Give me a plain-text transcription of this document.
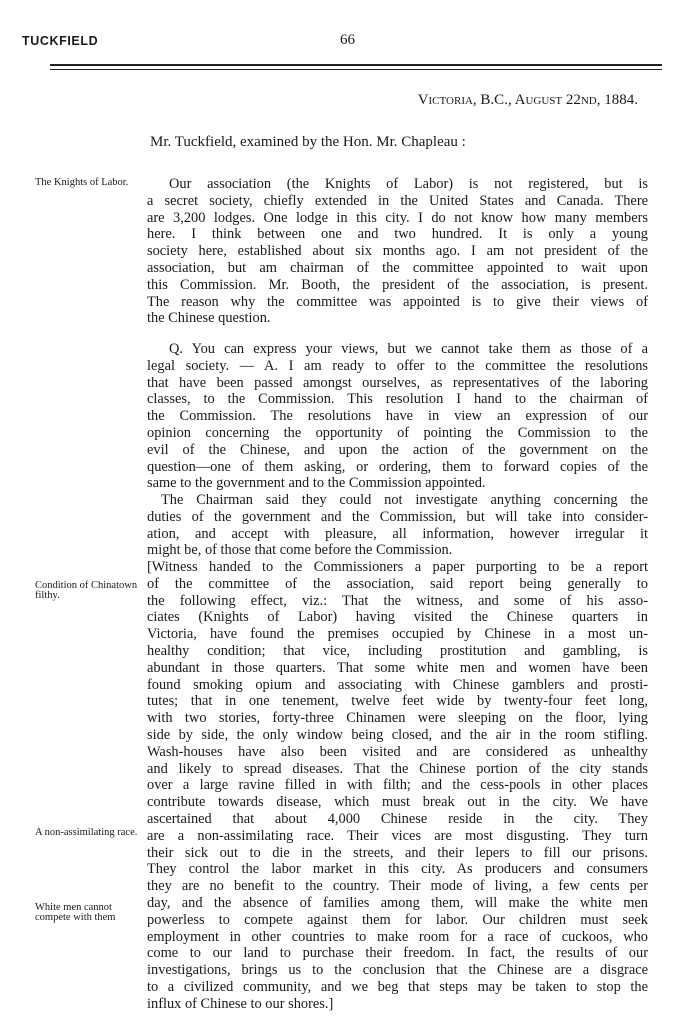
TUCKFIELD	66
Victoria, B.C., August 22nd, 1884.
Mr. Tuckfield, examined by the Hon. Mr. Chapleau :
The Knights of Labor.
Condition of Chinatown filthy.
A non-assimilating race.
White men cannot compete with them
Our association (the Knights of Labor) is not registered, but is
a secret society, chiefly extended in the United States and Canada. There
are 3,200 lodges. One lodge in this city. I do not know how many members
here. I think between one and two hundred. It is only a young
society here, established about six months ago. I am not president of the
association, but am chairman of the committee appointed to wait upon
this Commission. Mr. Booth, the president of the association, is present.
The reason why the committee was appointed is to give their views of
the Chinese question.
Q. You can express your views, but we cannot take them as those of a
legal society. — A. I am ready to offer to the committee the resolutions
that have been passed amongst ourselves, as representatives of the laboring
classes, to the Commission. This resolution I hand to the chairman of
the Commission. The resolutions have in view an expression of our
opinion concerning the opportunity of pointing the Commission to the
evil of the Chinese, and upon the action of the government on the
question—one of them asking, or ordering, them to forward copies of the
same to the government and to the Commission appointed.
The Chairman said they could not investigate anything concerning the
duties of the government and the Commission, but will take into consider-
ation, and accept with pleasure, all information, however irregular it
might be, of those that come before the Commission.
[Witness handed to the Commissioners a paper purporting to be a report
of the committee of the association, said report being generally to
the following effect, viz.: That the witness, and some of his asso-
ciates (Knights of Labor) having visited the Chinese quarters in
Victoria, have found the premises occupied by Chinese in a most un-
healthy condition; that vice, including prostitution and gambling, is
abundant in those quarters. That some white men and women have been
found smoking opium and associating with Chinese gamblers and prosti-
tutes; that in one tenement, twelve feet wide by twenty-four feet long,
with two stories, forty-three Chinamen were sleeping on the floor, lying
side by side, the only window being closed, and the air in the room stifling.
Wash-houses have also been visited and are considered as unhealthy
and likely to spread diseases. That the Chinese portion of the city stands
over a large ravine filled in with filth; and the cess-pools in other places
contribute towards disease, which must break out in the city. We have
ascertained that about 4,000 Chinese reside in the city. They
are a non-assimilating race. Their vices are most disgusting. They turn
their sick out to die in the streets, and their lepers to fill our prisons.
They control the labor market in this city. As producers and consumers
they are no benefit to the country. Their mode of living, a few cents per
day, and the absence of families among them, will make the white men
powerless to compete against them for labor. Our children must seek
employment in other countries to make room for a race of cuckoos, who
come to our land to purchase their freedom. In fact, the results of our
investigations, brings us to the conclusion that the Chinese are a disgrace
to a civilized community, and we beg that steps may be taken to stop the
influx of Chinese to our shores.]
